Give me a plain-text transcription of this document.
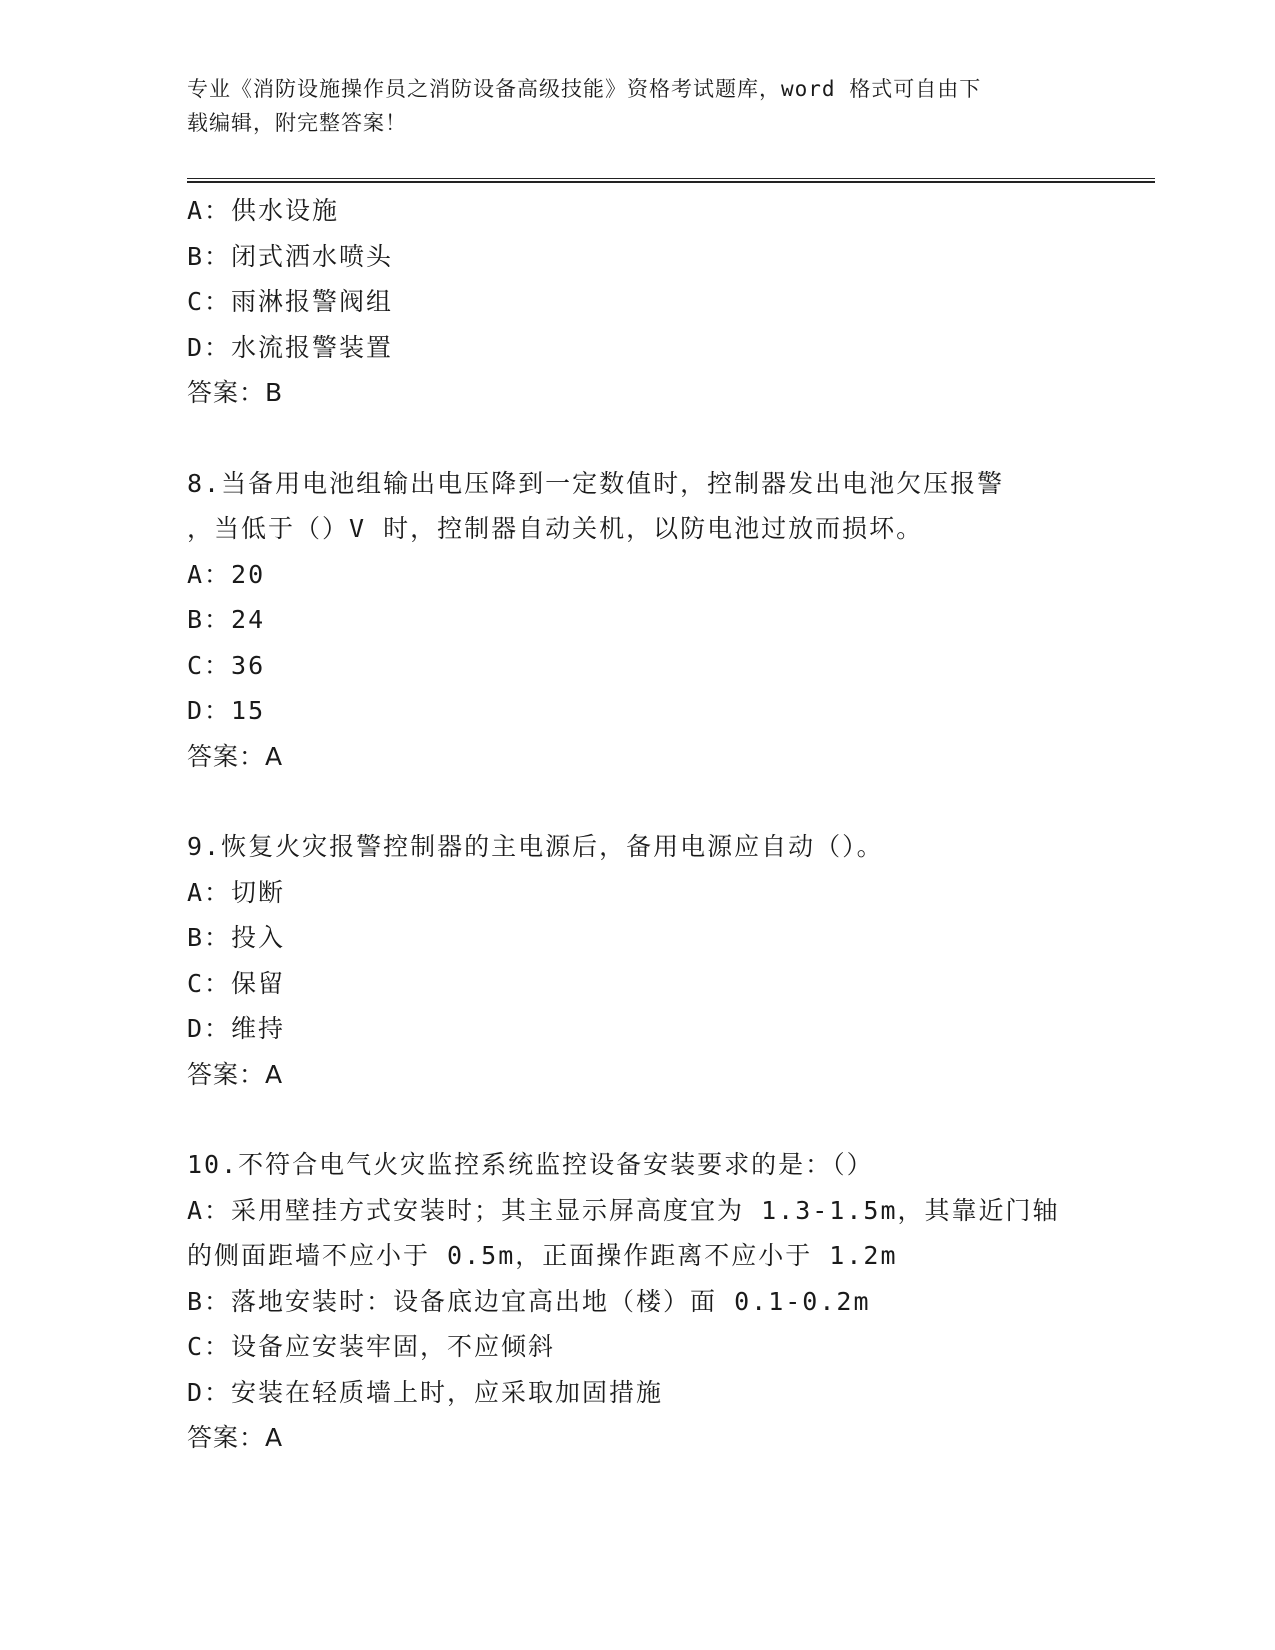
专业《消防设施操作员之消防设备高级技能》资格考试题库，word 格式可自由下
载编辑，附完整答案！
A：供水设施
B：闭式洒水喷头
C：雨淋报警阀组
D：水流报警装置
答案：B
8.当备用电池组输出电压降到一定数值时，控制器发出电池欠压报警
，当低于（）V 时，控制器自动关机，以防电池过放而损坏。
A：20
B：24
C：36
D：15
答案：A
9.恢复火灾报警控制器的主电源后，备用电源应自动（）。
A：切断
B：投入
C：保留
D：维持
答案：A
10.不符合电气火灾监控系统监控设备安装要求的是：（）
A：采用壁挂方式安装时；其主显示屏高度宜为 1.3-1.5m，其靠近门轴
的侧面距墙不应小于 0.5m，正面操作距离不应小于 1.2m
B：落地安装时：设备底边宜高出地（楼）面 0.1-0.2m
C：设备应安装牢固，不应倾斜
D：安装在轻质墙上时，应采取加固措施
答案：A
